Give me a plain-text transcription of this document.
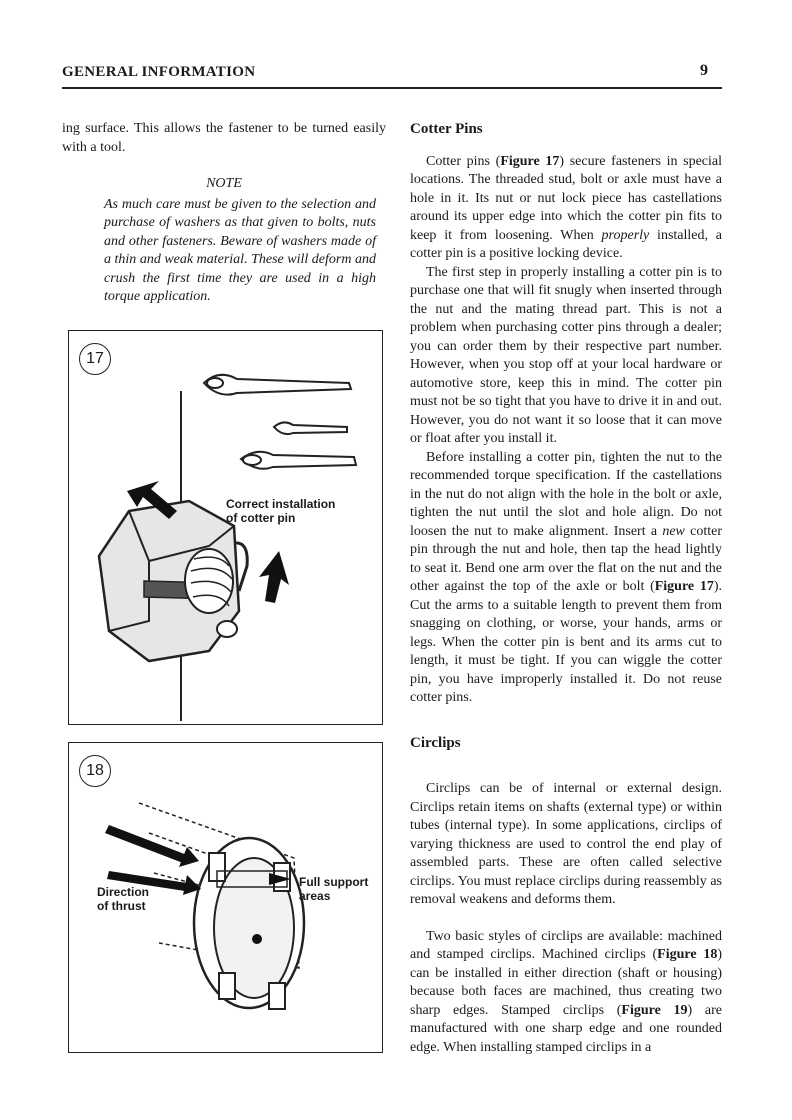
GENERAL INFORMATION	9

ing surface. This allows the fastener to be turned easily with a tool.

NOTE

As much care must be given to the selection and purchase of washers as that given to bolts, nuts and other fasteners. Beware of washers made of a thin and weak material. These will deform and crush the first time they are used in a high torque application.

17
Correct installation
of cotter pin
18
Full support
areas
Direction
of thrust

Cotter Pins

Cotter pins (Figure 17) secure fasteners in special locations. The threaded stud, bolt or axle must have a hole in it. Its nut or nut lock piece has castellations around its upper edge into which the cotter pin fits to keep it from loosening. When properly installed, a cotter pin is a positive locking device.

The first step in properly installing a cotter pin is to purchase one that will fit snugly when inserted through the nut and the mating thread part. This is not a problem when purchasing cotter pins through a dealer; you can order them by their respective part number. However, when you stop off at your local hardware or automotive store, keep this in mind. The cotter pin must not be so tight that you have to drive it in and out. However, you do not want it so loose that it can move or float after you install it.

Before installing a cotter pin, tighten the nut to the recommended torque specification. If the castellations in the nut do not align with the hole in the bolt or axle, tighten the nut until the slot and hole align. Do not loosen the nut to make alignment. Insert a new cotter pin through the nut and hole, then tap the head lightly to seat it. Bend one arm over the flat on the nut and the other against the top of the axle or bolt (Figure 17). Cut the arms to a suitable length to prevent them from snagging on clothing, or worse, your hands, arms or legs. When the cotter pin is bent and its arms cut to length, it must be tight. If you can wiggle the cotter pin, you have improperly installed it. Do not reuse cotter pins.

Circlips

Circlips can be of internal or external design. Circlips retain items on shafts (external type) or within tubes (internal type). In some applications, circlips of varying thickness are used to control the end play of assembled parts. These are often called selective circlips. You must replace circlips during reassembly as removal weakens and deforms them.

Two basic styles of circlips are available: machined and stamped circlips. Machined circlips (Figure 18) can be installed in either direction (shaft or housing) because both faces are machined, thus creating two sharp edges. Stamped circlips (Figure 19) are manufactured with one sharp edge and one rounded edge. When installing stamped circlips in a
